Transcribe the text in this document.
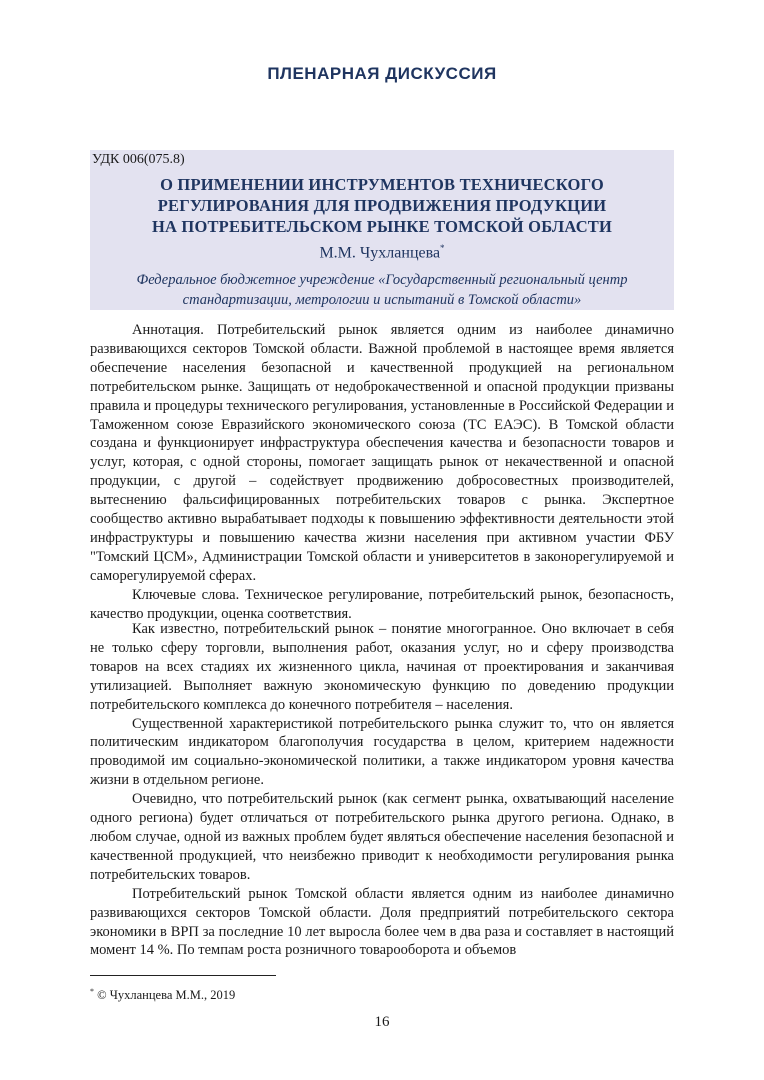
ПЛЕНАРНАЯ ДИСКУССИЯ
УДК 006(075.8)
О ПРИМЕНЕНИИ ИНСТРУМЕНТОВ ТЕХНИЧЕСКОГО
РЕГУЛИРОВАНИЯ ДЛЯ ПРОДВИЖЕНИЯ ПРОДУКЦИИ
НА ПОТРЕБИТЕЛЬСКОМ РЫНКЕ ТОМСКОЙ ОБЛАСТИ
М.М. Чухланцева*
Федеральное бюджетное учреждение «Государственный региональный центр
стандартизации, метрологии и испытаний в Томской области»

Аннотация. Потребительский рынок является одним из наиболее динамично развивающихся секторов Томской области. Важной проблемой в настоящее время является обеспечение населения безопасной и качественной продукцией на региональном потребительском рынке. Защищать от недоброкачественной и опасной продукции призваны правила и процедуры технического регулирования, установленные в Российской Федерации и Таможенном союзе Евразийского экономического союза (ТС ЕАЭС). В Томской области создана и функционирует инфраструктура обеспечения качества и безопасности товаров и услуг, которая, с одной стороны, помогает защищать рынок от некачественной и опасной продукции, с другой – содействует продвижению добросовестных производителей, вытеснению фальсифицированных потребительских товаров с рынка. Экспертное сообщество активно вырабатывает подходы к повышению эффективности деятельности этой инфраструктуры и повышению качества жизни населения при активном участии ФБУ "Томский ЦСМ», Администрации Томской области и университетов в законорегулируемой и саморегулируемой сферах.

Ключевые слова. Техническое регулирование, потребительский рынок, безопасность, качество продукции, оценка соответствия.

Как известно, потребительский рынок – понятие многогранное. Оно включает в себя не только сферу торговли, выполнения работ, оказания услуг, но и сферу производства товаров на всех стадиях их жизненного цикла, начиная от проектирования и заканчивая утилизацией. Выполняет важную экономическую функцию по доведению продукции потребительского комплекса до конечного потребителя – населения.

Существенной характеристикой потребительского рынка служит то, что он является политическим индикатором благополучия государства в целом, критерием надежности проводимой им социально-экономической политики, а также индикатором уровня качества жизни в отдельном регионе.

Очевидно, что потребительский рынок (как сегмент рынка, охватывающий население одного региона) будет отличаться от потребительского рынка другого региона. Однако, в любом случае, одной из важных проблем будет являться обеспечение населения безопасной и качественной продукцией, что неизбежно приводит к необходимости регулирования рынка потребительских товаров.

Потребительский рынок Томской области является одним из наиболее динамично развивающихся секторов Томской области. Доля предприятий потребительского сектора экономики в ВРП за последние 10 лет выросла более чем в два раза и составляет в настоящий момент 14 %. По темпам роста розничного товарооборота и объемов

* © Чухланцева М.М., 2019
16
